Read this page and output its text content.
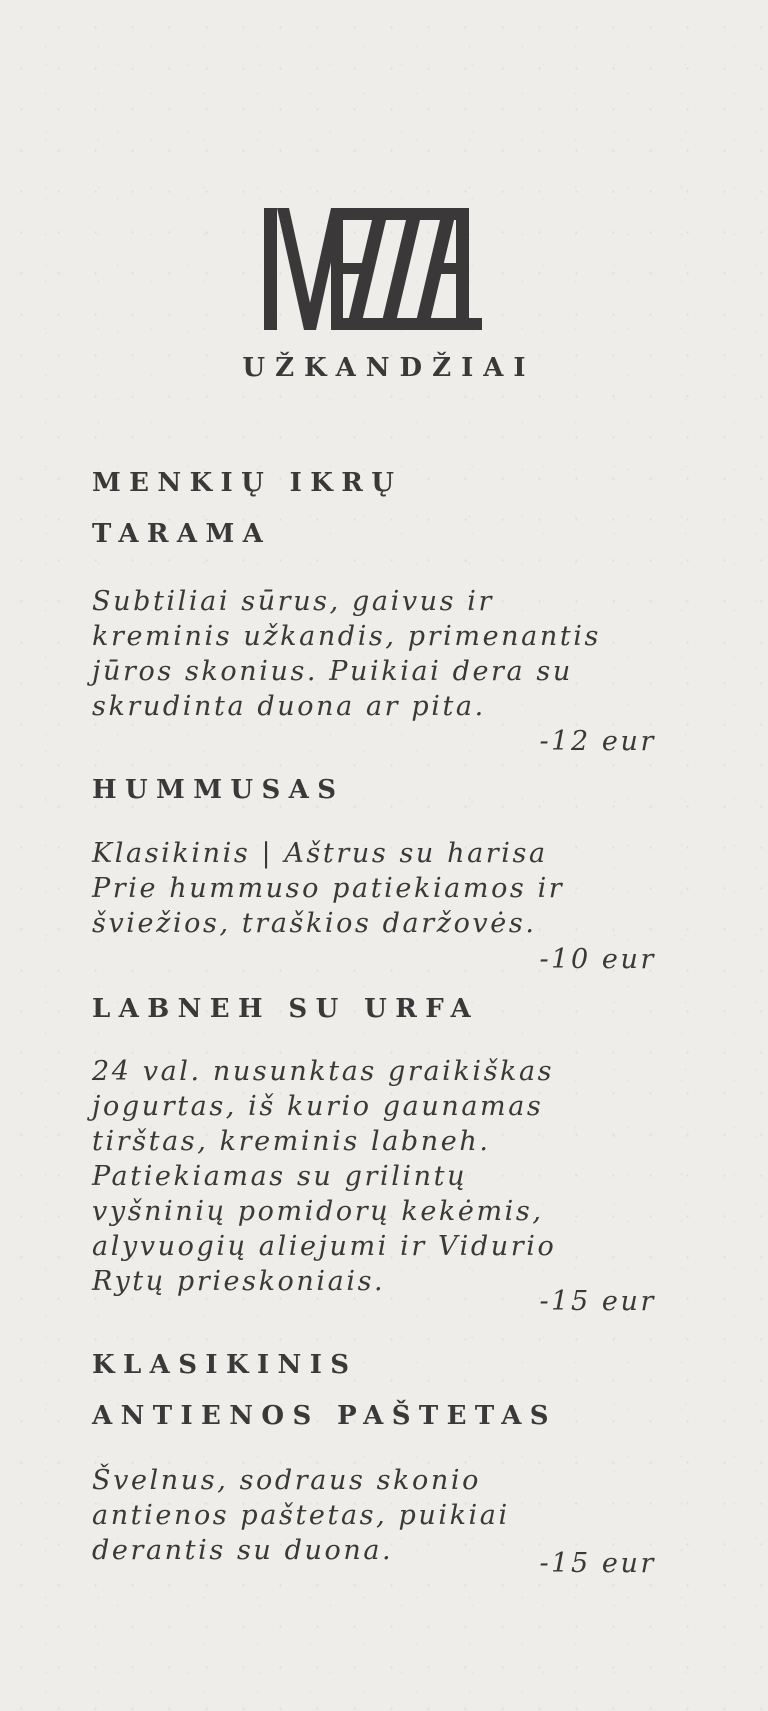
UŽKANDŽIAI
MENKIŲ IKRŲ
TARAMA
Subtiliai sūrus, gaivus ir
kreminis užkandis, primenantis
jūros skonius. Puikiai dera su
skrudinta duona ar pita.
-12 eur
HUMMUSAS
Klasikinis | Aštrus su harisa
Prie hummuso patiekiamos ir
šviežios, traškios daržovės.
-10 eur
LABNEH SU URFA
24 val. nusunktas graikiškas
jogurtas, iš kurio gaunamas
tirštas, kreminis labneh.
Patiekiamas su grilintų
vyšninių pomidorų kekėmis,
alyvuogių aliejumi ir Vidurio
Rytų prieskoniais.
-15 eur
KLASIKINIS
ANTIENOS PAŠTETAS
Švelnus, sodraus skonio
antienos paštetas, puikiai
derantis su duona.	-15 eur
